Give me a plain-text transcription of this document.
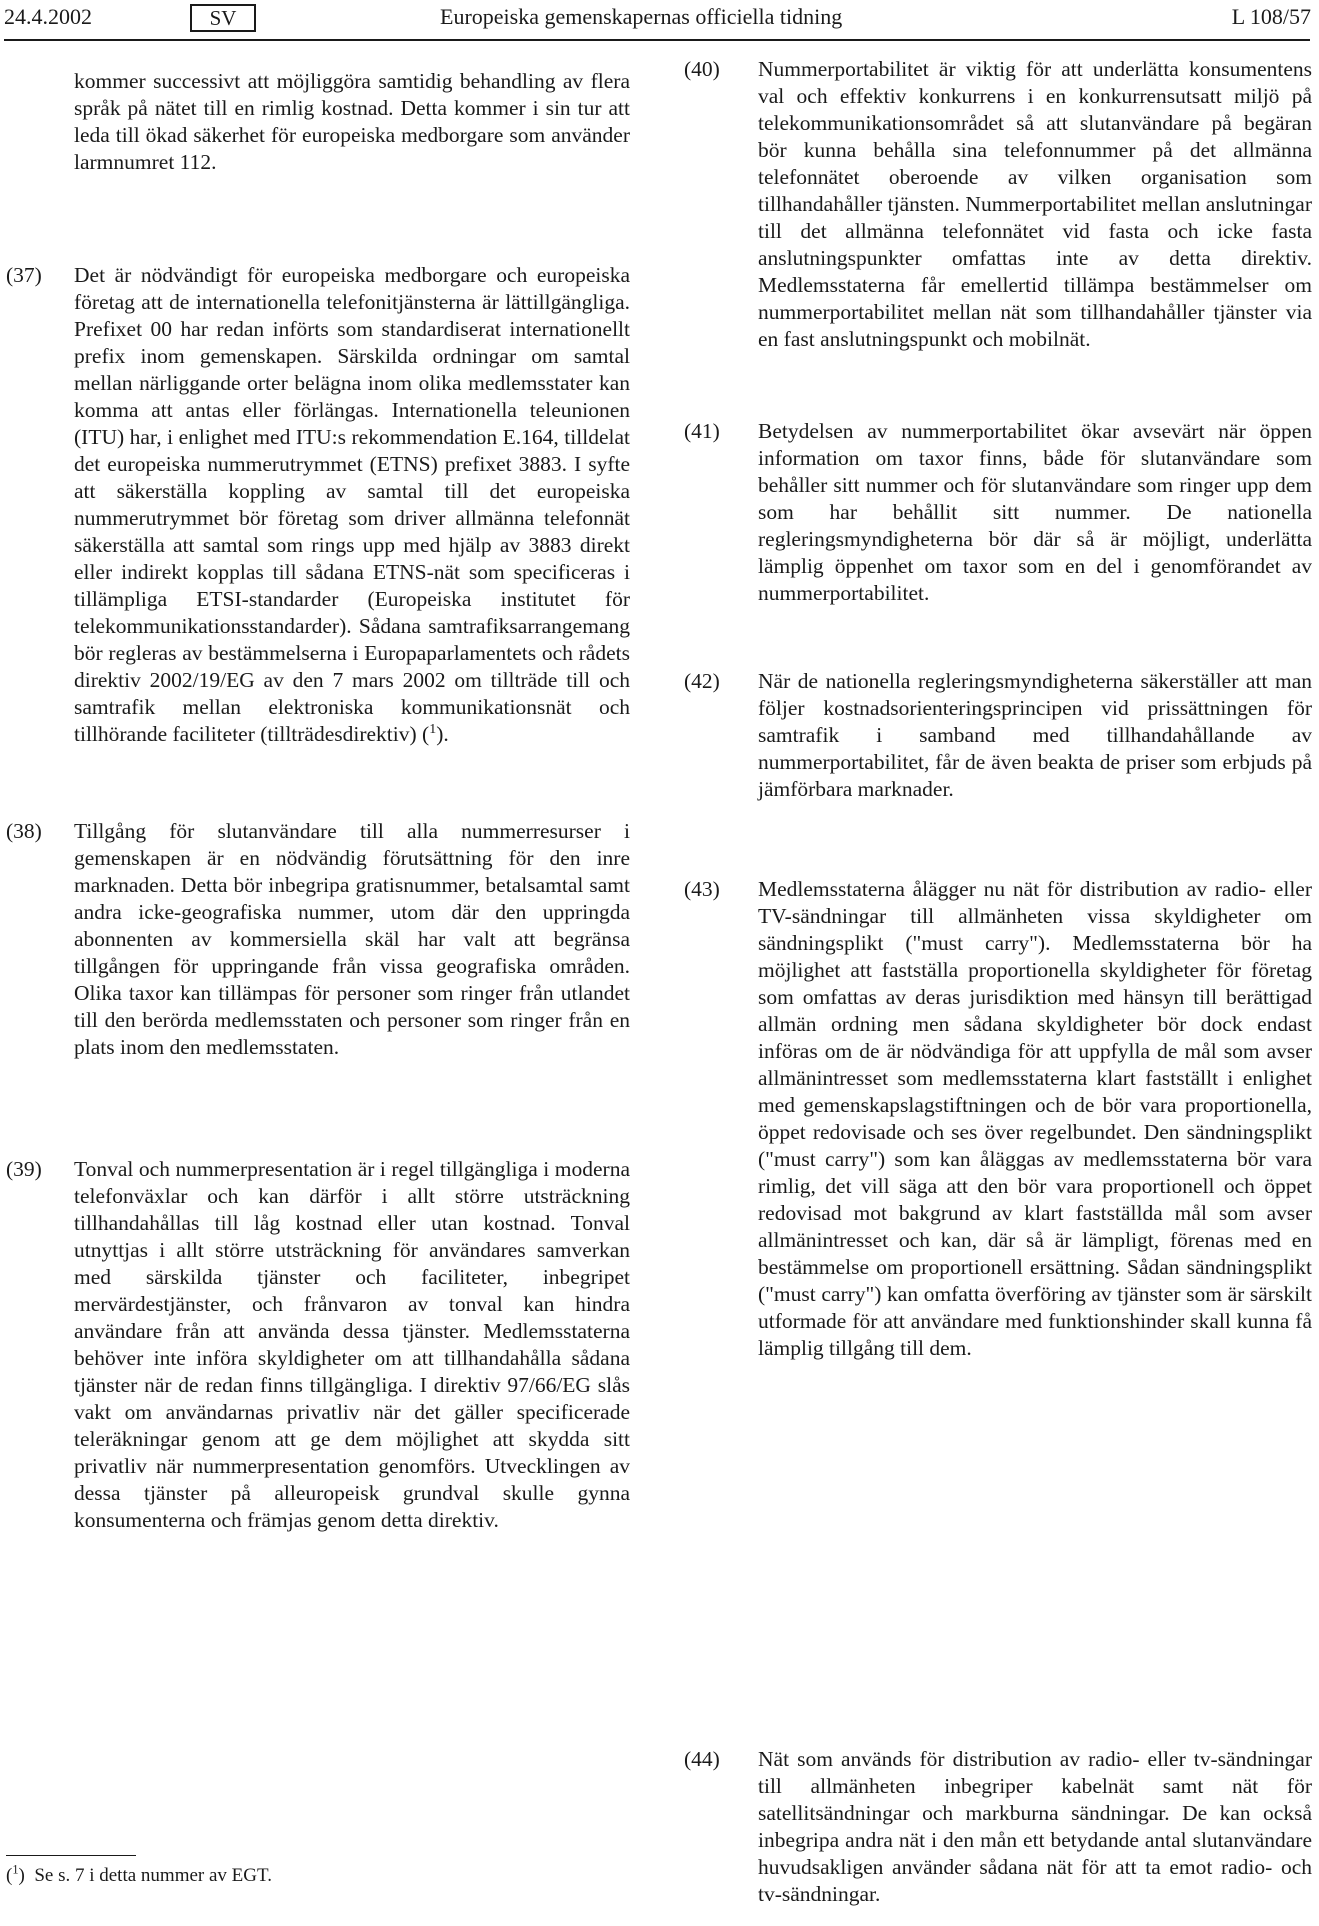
24.4.2002	SV	Europeiska gemenskapernas officiella tidning	L 108/57
kommer successivt att möjliggöra samtidig behandling av flera språk på nätet till en rimlig kostnad. Detta kommer i sin tur att leda till ökad säkerhet för europeiska medborgare som använder larmnumret 112.
(37) Det är nödvändigt för europeiska medborgare och europeiska företag att de internationella telefonitjänsterna är lättillgängliga. Prefixet 00 har redan införts som standardiserat internationellt prefix inom gemenskapen. Särskilda ordningar om samtal mellan närliggande orter belägna inom olika medlemsstater kan komma att antas eller förlängas. Internationella teleunionen (ITU) har, i enlighet med ITU:s rekommendation E.164, tilldelat det europeiska nummerutrymmet (ETNS) prefixet 3883. I syfte att säkerställa koppling av samtal till det europeiska nummerutrymmet bör företag som driver allmänna telefonnät säkerställa att samtal som rings upp med hjälp av 3883 direkt eller indirekt kopplas till sådana ETNS-nät som specificeras i tillämpliga ETSI-standarder (Europeiska institutet för telekommunikationsstandarder). Sådana samtrafiksarrangemang bör regleras av bestämmelserna i Europaparlamentets och rådets direktiv 2002/19/EG av den 7 mars 2002 om tillträde till och samtrafik mellan elektroniska kommunikationsnät och tillhörande faciliteter (tillträdesdirektiv) ($^1$).
(38) Tillgång för slutanvändare till alla nummerresurser i gemenskapen är en nödvändig förutsättning för den inre marknaden. Detta bör inbegripa gratisnummer, betalsamtal samt andra icke-geografiska nummer, utom där den uppringda abonnenten av kommersiella skäl har valt att begränsa tillgången för uppringande från vissa geografiska områden. Olika taxor kan tillämpas för personer som ringer från utlandet till den berörda medlemsstaten och personer som ringer från en plats inom den medlemsstaten.
(39) Tonval och nummerpresentation är i regel tillgängliga i moderna telefonväxlar och kan därför i allt större utsträckning tillhandahållas till låg kostnad eller utan kostnad. Tonval utnyttjas i allt större utsträckning för användares samverkan med särskilda tjänster och faciliteter, inbegripet mervärdestjänster, och frånvaron av tonval kan hindra användare från att använda dessa tjänster. Medlemsstaterna behöver inte införa skyldigheter om att tillhandahålla sådana tjänster när de redan finns tillgängliga. I direktiv 97/66/EG slås vakt om användarnas privatliv när det gäller specificerade teleräkningar genom att ge dem möjlighet att skydda sitt privatliv när nummerpresentation genomförs. Utvecklingen av dessa tjänster på alleuropeisk grundval skulle gynna konsumenterna och främjas genom detta direktiv.
(40) Nummerportabilitet är viktig för att underlätta konsumentens val och effektiv konkurrens i en konkurrensutsatt miljö på telekommunikationsområdet så att slutanvändare på begäran bör kunna behålla sina telefonnummer på det allmänna telefonnätet oberoende av vilken organisation som tillhandahåller tjänsten. Nummerportabilitet mellan anslutningar till det allmänna telefonnätet vid fasta och icke fasta anslutningspunkter omfattas inte av detta direktiv. Medlemsstaterna får emellertid tillämpa bestämmelser om nummerportabilitet mellan nät som tillhandahåller tjänster via en fast anslutningspunkt och mobilnät.
(41) Betydelsen av nummerportabilitet ökar avsevärt när öppen information om taxor finns, både för slutanvändare som behåller sitt nummer och för slutanvändare som ringer upp dem som har behållit sitt nummer. De nationella regleringsmyndigheterna bör där så är möjligt, underlätta lämplig öppenhet om taxor som en del i genomförandet av nummerportabilitet.
(42) När de nationella regleringsmyndigheterna säkerställer att man följer kostnadsorienteringsprincipen vid prissättningen för samtrafik i samband med tillhandahållande av nummerportabilitet, får de även beakta de priser som erbjuds på jämförbara marknader.
(43) Medlemsstaterna ålägger nu nät för distribution av radio- eller TV-sändningar till allmänheten vissa skyldigheter om sändningsplikt ("must carry"). Medlemsstaterna bör ha möjlighet att fastställa proportionella skyldigheter för företag som omfattas av deras jurisdiktion med hänsyn till berättigad allmän ordning men sådana skyldigheter bör dock endast införas om de är nödvändiga för att uppfylla de mål som avser allmänintresset som medlemsstaterna klart fastställt i enlighet med gemenskapslagstiftningen och de bör vara proportionella, öppet redovisade och ses över regelbundet. Den sändningsplikt ("must carry") som kan åläggas av medlemsstaterna bör vara rimlig, det vill säga att den bör vara proportionell och öppet redovisad mot bakgrund av klart fastställda mål som avser allmänintresset och kan, där så är lämpligt, förenas med en bestämmelse om proportionell ersättning. Sådan sändningsplikt ("must carry") kan omfatta överföring av tjänster som är särskilt utformade för att användare med funktionshinder skall kunna få lämplig tillgång till dem.
(44) Nät som används för distribution av radio- eller tv-sändningar till allmänheten inbegriper kabelnät samt nät för satellitsändningar och markburna sändningar. De kan också inbegripa andra nät i den mån ett betydande antal slutanvändare huvudsakligen använder sådana nät för att ta emot radio- och tv-sändningar.
($^1$)  Se s. 7 i detta nummer av EGT.
